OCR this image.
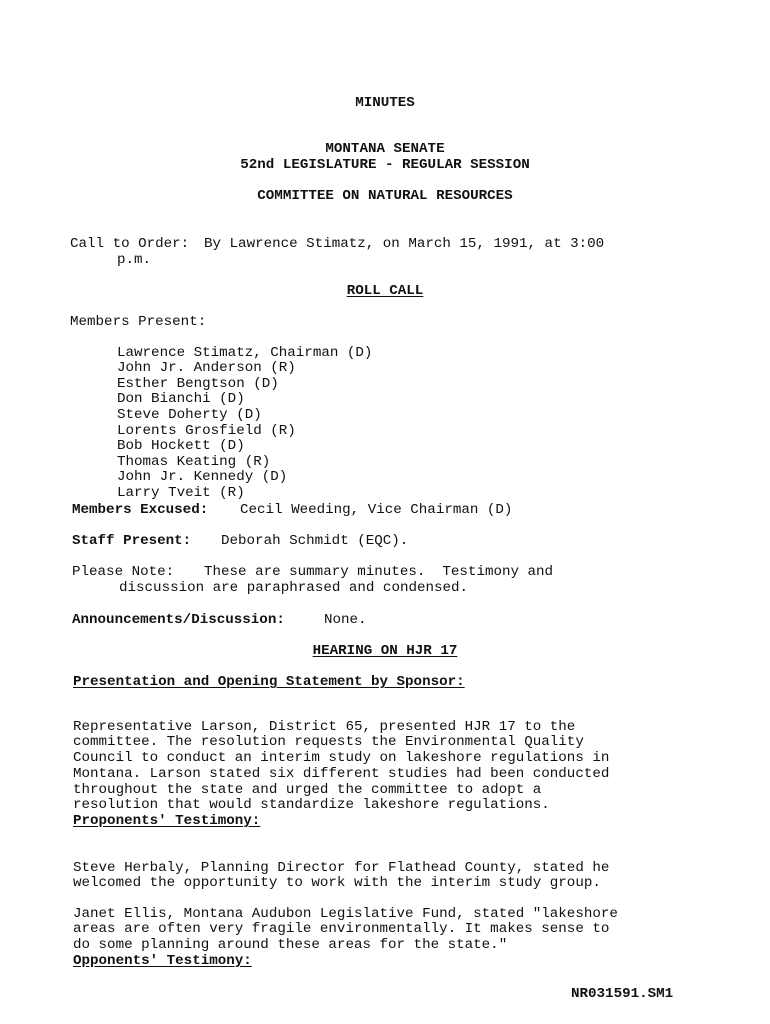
MINUTES
MONTANA SENATE
52nd LEGISLATURE - REGULAR SESSION
COMMITTEE ON NATURAL RESOURCES
Call to Order: By Lawrence Stimatz, on March 15, 1991, at 3:00
p.m.
ROLL CALL
Members Present:

Lawrence Stimatz, Chairman (D)
John Jr. Anderson (R)
Esther Bengtson (D)
Don Bianchi (D)
Steve Doherty (D)
Lorents Grosfield (R)
Bob Hockett (D)
Thomas Keating (R)
John Jr. Kennedy (D)
Larry Tveit (R)

Members Excused: Cecil Weeding, Vice Chairman (D)
Staff Present: Deborah Schmidt (EQC).
Please Note: These are summary minutes.  Testimony and
discussion are paraphrased and condensed.
Announcements/Discussion:	None.
HEARING ON HJR 17
Presentation and Opening Statement by Sponsor:

Representative Larson, District 65, presented HJR 17 to the
committee. The resolution requests the Environmental Quality
Council to conduct an interim study on lakeshore regulations in
Montana. Larson stated six different studies had been conducted
throughout the state and urged the committee to adopt a
resolution that would standardize lakeshore regulations.

Proponents' Testimony:

Steve Herbaly, Planning Director for Flathead County, stated he
welcomed the opportunity to work with the interim study group.

Janet Ellis, Montana Audubon Legislative Fund, stated "lakeshore
areas are often very fragile environmentally. It makes sense to
do some planning around these areas for the state."

Opponents' Testimony:
NR031591.SM1
